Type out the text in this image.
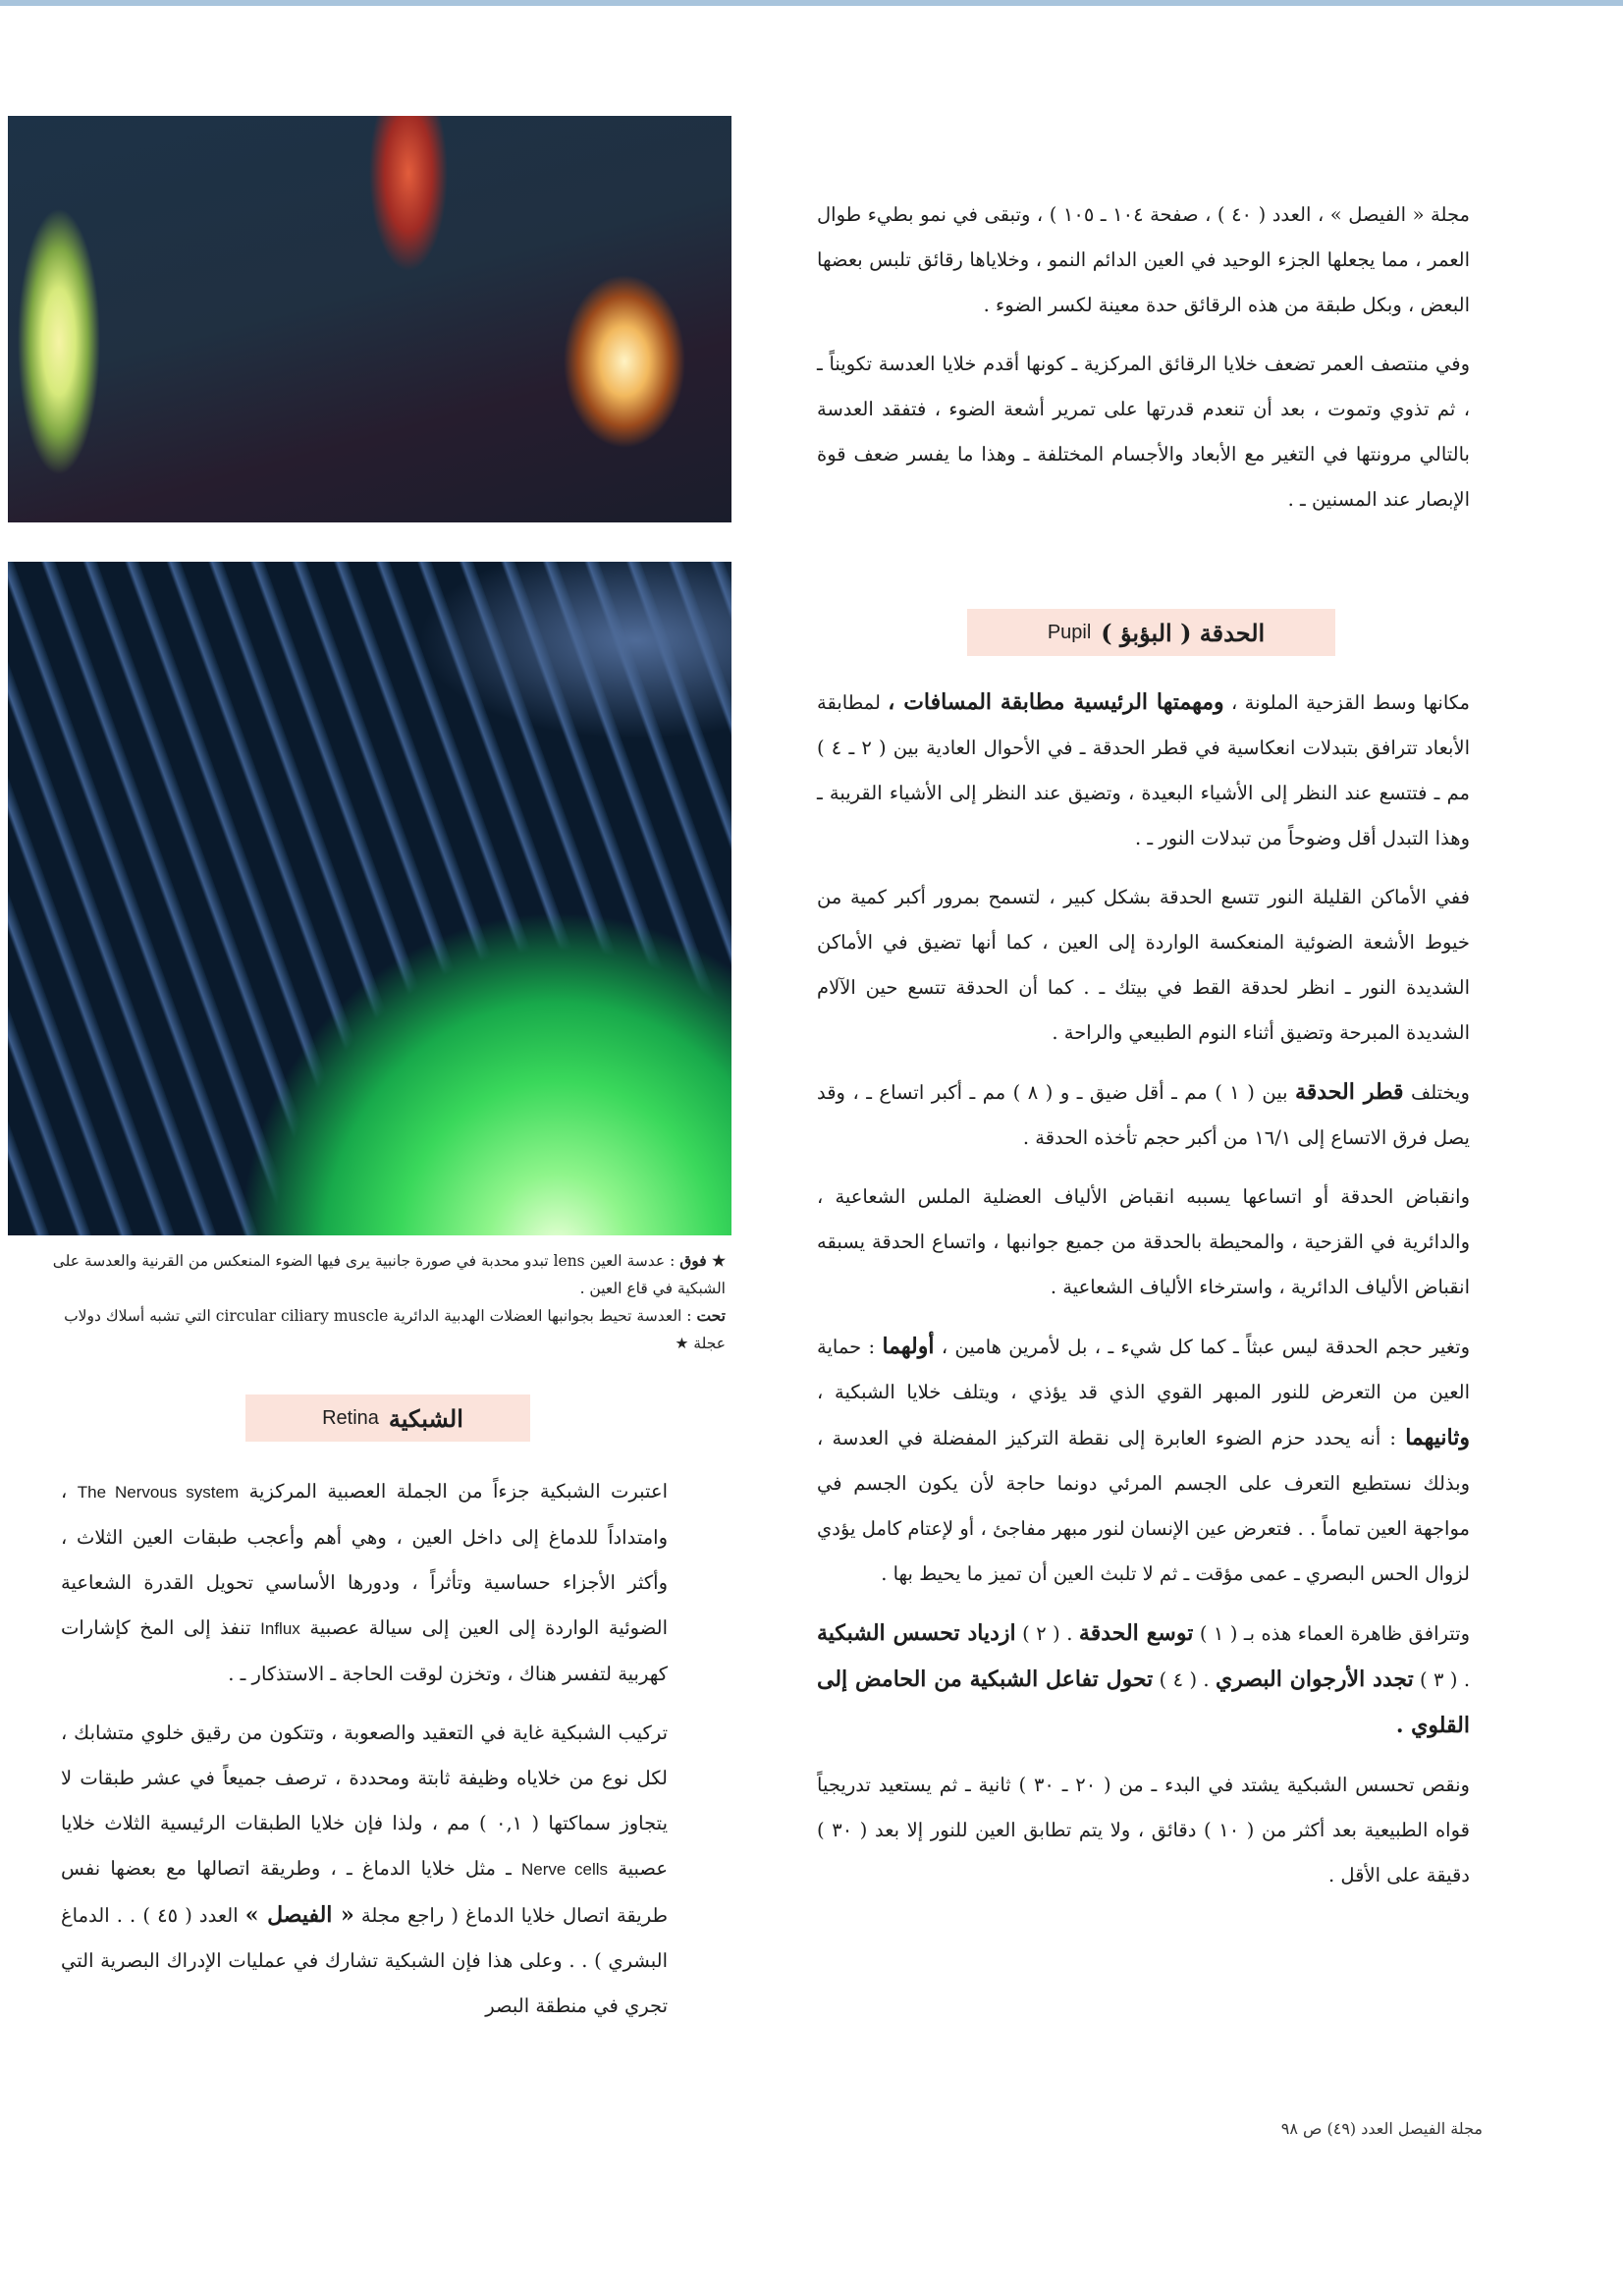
★ فوق : عدسة العين lens تبدو محدبة في صورة جانبية يرى فيها الضوء المنعكس من القرنية والعدسة على الشبكية في قاع العين .
تحت : العدسة تحيط بجوانبها العضلات الهدبية الدائرية circular ciliary muscle التي تشبه أسلاك دولاب عجلة ★
الحدقة ( البؤبؤ )
Pupil
الشبكية
Retina

مجلة « الفيصل » ، العدد ( ٤٠ ) ، صفحة ١٠٤ ـ ١٠٥ ) ، وتبقى في نمو بطيء طوال العمر ، مما يجعلها الجزء الوحيد في العين الدائم النمو ، وخلاياها رقائق تلبس بعضها البعض ، وبكل طبقة من هذه الرقائق حدة معينة لكسر الضوء .

وفي منتصف العمر تضعف خلايا الرقائق المركزية ـ كونها أقدم خلايا العدسة تكويناً ـ ، ثم تذوي وتموت ، بعد أن تنعدم قدرتها على تمرير أشعة الضوء ، فتفقد العدسة بالتالي مرونتها في التغير مع الأبعاد والأجسام المختلفة ـ وهذا ما يفسر ضعف قوة الإبصار عند المسنين ـ .

مكانها وسط القزحية الملونة ، ومهمتها الرئيسية مطابقة المسافات ، لمطابقة الأبعاد تترافق بتبدلات انعكاسية في قطر الحدقة ـ في الأحوال العادية بين ( ٢ ـ ٤ ) مم ـ فتتسع عند النظر إلى الأشياء البعيدة ، وتضيق عند النظر إلى الأشياء القريبة ـ وهذا التبدل أقل وضوحاً من تبدلات النور ـ .

ففي الأماكن القليلة النور تتسع الحدقة بشكل كبير ، لتسمح بمرور أكبر كمية من خيوط الأشعة الضوئية المنعكسة الواردة إلى العين ، كما أنها تضيق في الأماكن الشديدة النور ـ انظر لحدقة القط في بيتك ـ . كما أن الحدقة تتسع حين الآلام الشديدة المبرحة وتضيق أثناء النوم الطبيعي والراحة .

ويختلف قطر الحدقة بين ( ١ ) مم ـ أقل ضيق ـ و ( ٨ ) مم ـ أكبر اتساع ـ ، وقد يصل فرق الاتساع إلى ١٦/١ من أكبر حجم تأخذه الحدقة .

وانقباض الحدقة أو اتساعها يسببه انقباض الألياف العضلية الملس الشعاعية ، والدائرية في القزحية ، والمحيطة بالحدقة من جميع جوانبها ، واتساع الحدقة يسبقه انقباض الألياف الدائرية ، واسترخاء الألياف الشعاعية .

وتغير حجم الحدقة ليس عبثاً ـ كما كل شيء ـ ، بل لأمرين هامين ، أولهما : حماية العين من التعرض للنور المبهر القوي الذي قد يؤذي ، ويتلف خلايا الشبكية ، وثانيهما : أنه يحدد حزم الضوء العابرة إلى نقطة التركيز المفضلة في العدسة ، وبذلك نستطيع التعرف على الجسم المرئي دونما حاجة لأن يكون الجسم في مواجهة العين تماماً . . فتعرض عين الإنسان لنور مبهر مفاجئ ، أو لإعتام كامل يؤدي لزوال الحس البصري ـ عمى مؤقت ـ ثم لا تلبث العين أن تميز ما يحيط بها .

وتترافق ظاهرة العماء هذه بـ ( ١ ) توسع الحدقة . ( ٢ ) ازدياد تحسس الشبكية . ( ٣ ) تجدد الأرجوان البصري . ( ٤ ) تحول تفاعل الشبكية من الحامض إلى القلوي .

ونقص تحسس الشبكية يشتد في البدء ـ من ( ٢٠ ـ ٣٠ ) ثانية ـ ثم يستعيد تدريجياً قواه الطبيعية بعد أكثر من ( ١٠ ) دقائق ، ولا يتم تطابق العين للنور إلا بعد ( ٣٠ ) دقيقة على الأقل .

اعتبرت الشبكية جزءاً من الجملة العصبية المركزية The Nervous system ، وامتداداً للدماغ إلى داخل العين ، وهي أهم وأعجب طبقات العين الثلاث ، وأكثر الأجزاء حساسية وتأثراً ، ودورها الأساسي تحويل القدرة الشعاعية الضوئية الواردة إلى العين إلى سيالة عصبية Influx تنفذ إلى المخ كإشارات كهربية لتفسر هناك ، وتخزن لوقت الحاجة ـ الاستذكار ـ .

تركيب الشبكية غاية في التعقيد والصعوبة ، وتتكون من رقيق خلوي متشابك ، لكل نوع من خلاياه وظيفة ثابتة ومحددة ، ترصف جميعاً في عشر طبقات لا يتجاوز سماكتها ( ٠,١ ) مم ، ولذا فإن خلايا الطبقات الرئيسية الثلاث خلايا عصبية Nerve cells ـ مثل خلايا الدماغ ـ ، وطريقة اتصالها مع بعضها نفس طريقة اتصال خلايا الدماغ ( راجع مجلة « الفيصل » العدد ( ٤٥ ) . . الدماغ البشري ) . . وعلى هذا فإن الشبكية تشارك في عمليات الإدراك البصرية التي تجري في منطقة البصر

مجلة الفيصل العدد (٤٩) ص ٩٨
